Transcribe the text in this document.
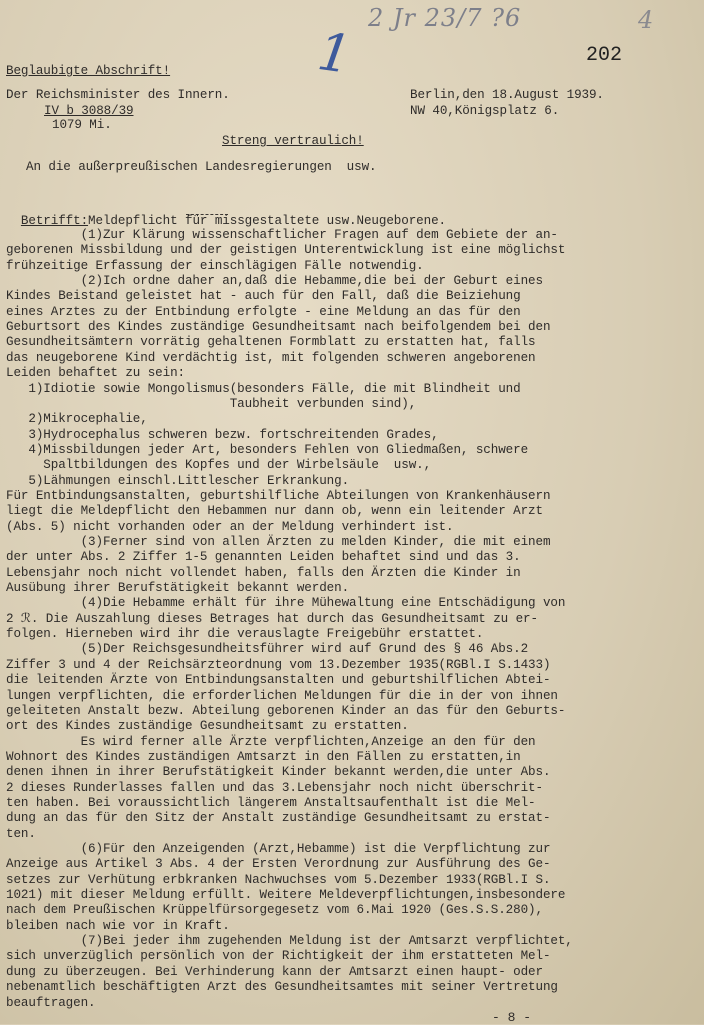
2 Jr 23/7 ?6	4
1	202
Beglaubigte Abschrift!
Der Reichsminister des Innern.
IV b 3088/39
1079 Mi.
Berlin,den 18.August 1939.
NW 40,Königsplatz 6.
Streng vertraulich!
An die außerpreußischen Landesregierungen  usw.

Betrifft:Meldepflicht für missgestaltete usw.Neugeborene.

(1)Zur Klärung wissenschaftlicher Fragen auf dem Gebiete der an-
geborenen Missbildung und der geistigen Unterentwicklung ist eine möglichst
frühzeitige Erfassung der einschlägigen Fälle notwendig.
(2)Ich ordne daher an,daß die Hebamme,die bei der Geburt eines
Kindes Beistand geleistet hat - auch für den Fall, daß die Beiziehung
eines Arztes zu der Entbindung erfolgte - eine Meldung an das für den
Geburtsort des Kindes zuständige Gesundheitsamt nach beifolgendem bei den
Gesundheitsämtern vorrätig gehaltenen Formblatt zu erstatten hat, falls
das neugeborene Kind verdächtig ist, mit folgenden schweren angeborenen
Leiden behaftet zu sein:
1)Idiotie sowie Mongolismus(besonders Fälle, die mit Blindheit und
Taubheit verbunden sind),
2)Mikrocephalie,
3)Hydrocephalus schweren bezw. fortschreitenden Grades,
4)Missbildungen jeder Art, besonders Fehlen von Gliedmaßen, schwere
Spaltbildungen des Kopfes und der Wirbelsäule  usw.,
5)Lähmungen einschl.Littlescher Erkrankung.
Für Entbindungsanstalten, geburtshilfliche Abteilungen von Krankenhäusern
liegt die Meldepflicht den Hebammen nur dann ob, wenn ein leitender Arzt
(Abs. 5) nicht vorhanden oder an der Meldung verhindert ist.
(3)Ferner sind von allen Ärzten zu melden Kinder, die mit einem
der unter Abs. 2 Ziffer 1-5 genannten Leiden behaftet sind und das 3.
Lebensjahr noch nicht vollendet haben, falls den Ärzten die Kinder in
Ausübung ihrer Berufstätigkeit bekannt werden.
(4)Die Hebamme erhält für ihre Mühewaltung eine Entschädigung von
2 ℛ. Die Auszahlung dieses Betrages hat durch das Gesundheitsamt zu er-
folgen. Hierneben wird ihr die verauslagte Freigebühr erstattet.
(5)Der Reichsgesundheitsführer wird auf Grund des § 46 Abs.2
Ziffer 3 und 4 der Reichsärzteordnung vom 13.Dezember 1935(RGBl.I S.1433)
die leitenden Ärzte von Entbindungsanstalten und geburtshilflichen Abtei-
lungen verpflichten, die erforderlichen Meldungen für die in der von ihnen
geleiteten Anstalt bezw. Abteilung geborenen Kinder an das für den Geburts-
ort des Kindes zuständige Gesundheitsamt zu erstatten.
Es wird ferner alle Ärzte verpflichten,Anzeige an den für den
Wohnort des Kindes zuständigen Amtsarzt in den Fällen zu erstatten,in
denen ihnen in ihrer Berufstätigkeit Kinder bekannt werden,die unter Abs.
2 dieses Runderlasses fallen und das 3.Lebensjahr noch nicht überschrit-
ten haben. Bei voraussichtlich längerem Anstaltsaufenthalt ist die Mel-
dung an das für den Sitz der Anstalt zuständige Gesundheitsamt zu erstat-
ten.
(6)Für den Anzeigenden (Arzt,Hebamme) ist die Verpflichtung zur
Anzeige aus Artikel 3 Abs. 4 der Ersten Verordnung zur Ausführung des Ge-
setzes zur Verhütung erbkranken Nachwuchses vom 5.Dezember 1933(RGBl.I S.
1021) mit dieser Meldung erfüllt. Weitere Meldeverpflichtungen,insbesondere
nach dem Preußischen Krüppelfürsorgegesetz vom 6.Mai 1920 (Ges.S.S.280),
bleiben nach wie vor in Kraft.
(7)Bei jeder ihm zugehenden Meldung ist der Amtsarzt verpflichtet,
sich unverzüglich persönlich von der Richtigkeit der ihm erstatteten Mel-
dung zu überzeugen. Bei Verhinderung kann der Amtsarzt einen haupt- oder
nebenamtlich beschäftigten Arzt des Gesundheitsamtes mit seiner Vertretung
beauftragen.
- 8 -
